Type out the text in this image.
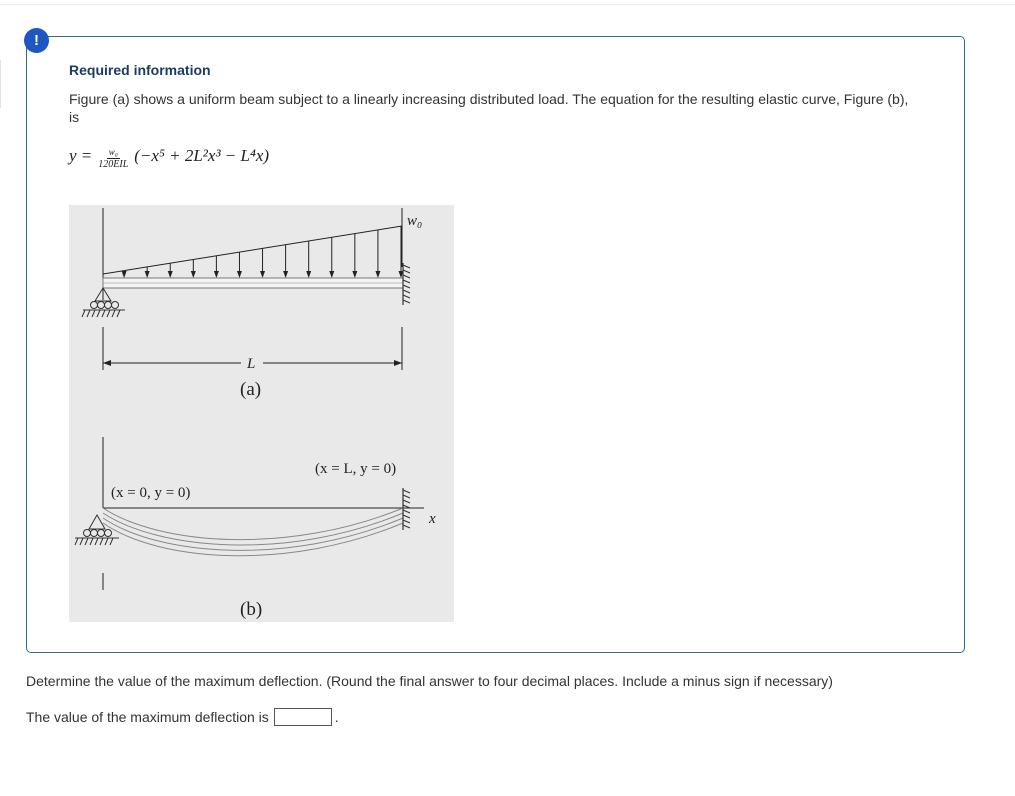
Required information
Figure (a) shows a uniform beam subject to a linearly increasing distributed load. The equation for the resulting elastic curve, Figure (b), is
$y = \frac{\text{w₀}}{\text{120EIL}} (-x^5 + 2L^2x^3 - L^4x)$
w₀
L
(a)
(x = 0, y = 0)
(x = L, y = 0)
x
(b)
!
Determine the value of the maximum deflection. (Round the final answer to four decimal places. Include a minus sign if necessary)
The value of the maximum deflection is	.
